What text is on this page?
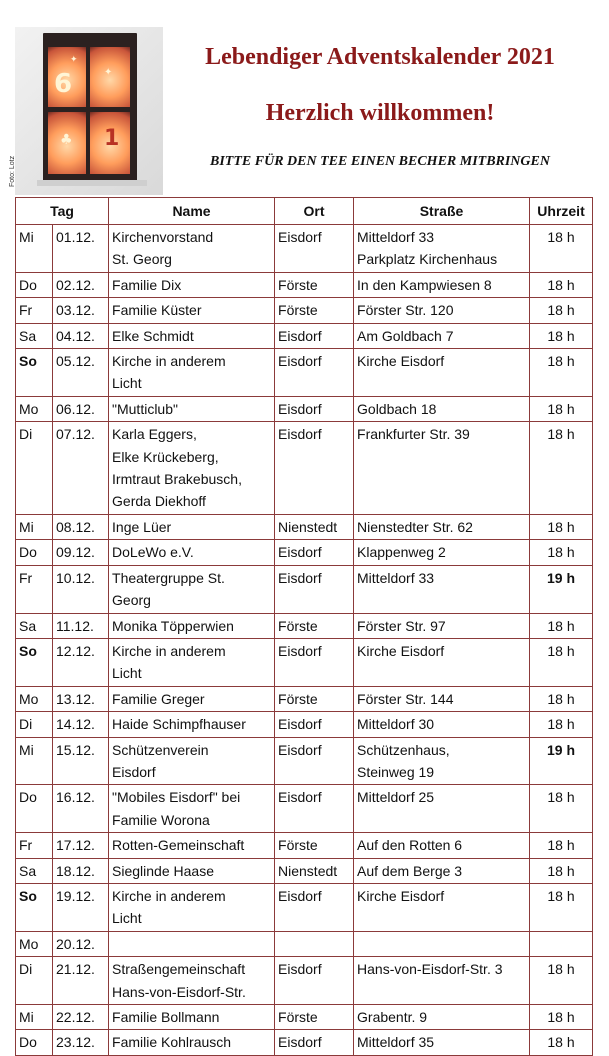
6
✦
✦
♣ 1
Foto: Lotz
Lebendiger Adventskalender 2021
Herzlich willkommen!
BITTE FÜR DEN TEE EINEN BECHER MITBRINGEN
Tag		Name	Ort	Straße	Uhrzeit
Mi	01.12.	Kirchenvorstand
St. Georg	Eisdorf	Mitteldorf 33
Parkplatz Kirchenhaus	18 h
Do	02.12.	Familie Dix	Förste	In den Kampwiesen 8	18 h
Fr	03.12.	Familie Küster	Förste	Förster Str. 120	18 h
Sa	04.12.	Elke Schmidt	Eisdorf	Am Goldbach 7	18 h
So	05.12.	Kirche in anderem
Licht	Eisdorf	Kirche Eisdorf	18 h
Mo	06.12.	"Mutticlub"	Eisdorf	Goldbach 18	18 h
Di	07.12.	Karla Eggers,
Elke Krückeberg,
Irmtraut Brakebusch,
Gerda Diekhoff	Eisdorf	Frankfurter Str. 39	18 h
Mi	08.12.	Inge Lüer	Nienstedt	Nienstedter Str. 62	18 h
Do	09.12.	DoLeWo e.V.	Eisdorf	Klappenweg 2	18 h
Fr	10.12.	Theatergruppe St.
Georg	Eisdorf	Mitteldorf 33	19 h
Sa	11.12.	Monika Töpperwien	Förste	Förster Str. 97	18 h
So	12.12.	Kirche in anderem
Licht	Eisdorf	Kirche Eisdorf	18 h
Mo	13.12.	Familie Greger	Förste	Förster Str. 144	18 h
Di	14.12.	Haide Schimpfhauser	Eisdorf	Mitteldorf 30	18 h
Mi	15.12.	Schützenverein
Eisdorf	Eisdorf	Schützenhaus,
Steinweg 19	19 h
Do	16.12.	"Mobiles Eisdorf" bei
Familie Worona	Eisdorf	Mitteldorf 25	18 h
Fr	17.12.	Rotten-Gemeinschaft	Förste	Auf den Rotten 6	18 h
Sa	18.12.	Sieglinde Haase	Nienstedt	Auf dem Berge 3	18 h
So	19.12.	Kirche in anderem
Licht	Eisdorf	Kirche Eisdorf	18 h
Mo	20.12.	

Di	21.12.	Straßengemeinschaft
Hans-von-Eisdorf-Str.	Eisdorf	Hans-von-Eisdorf-Str. 3	18 h
Mi	22.12.	Familie Bollmann	Förste	Grabentr. 9	18 h
Do	23.12.	Familie Kohlrausch	Eisdorf	Mitteldorf 35	18 h
